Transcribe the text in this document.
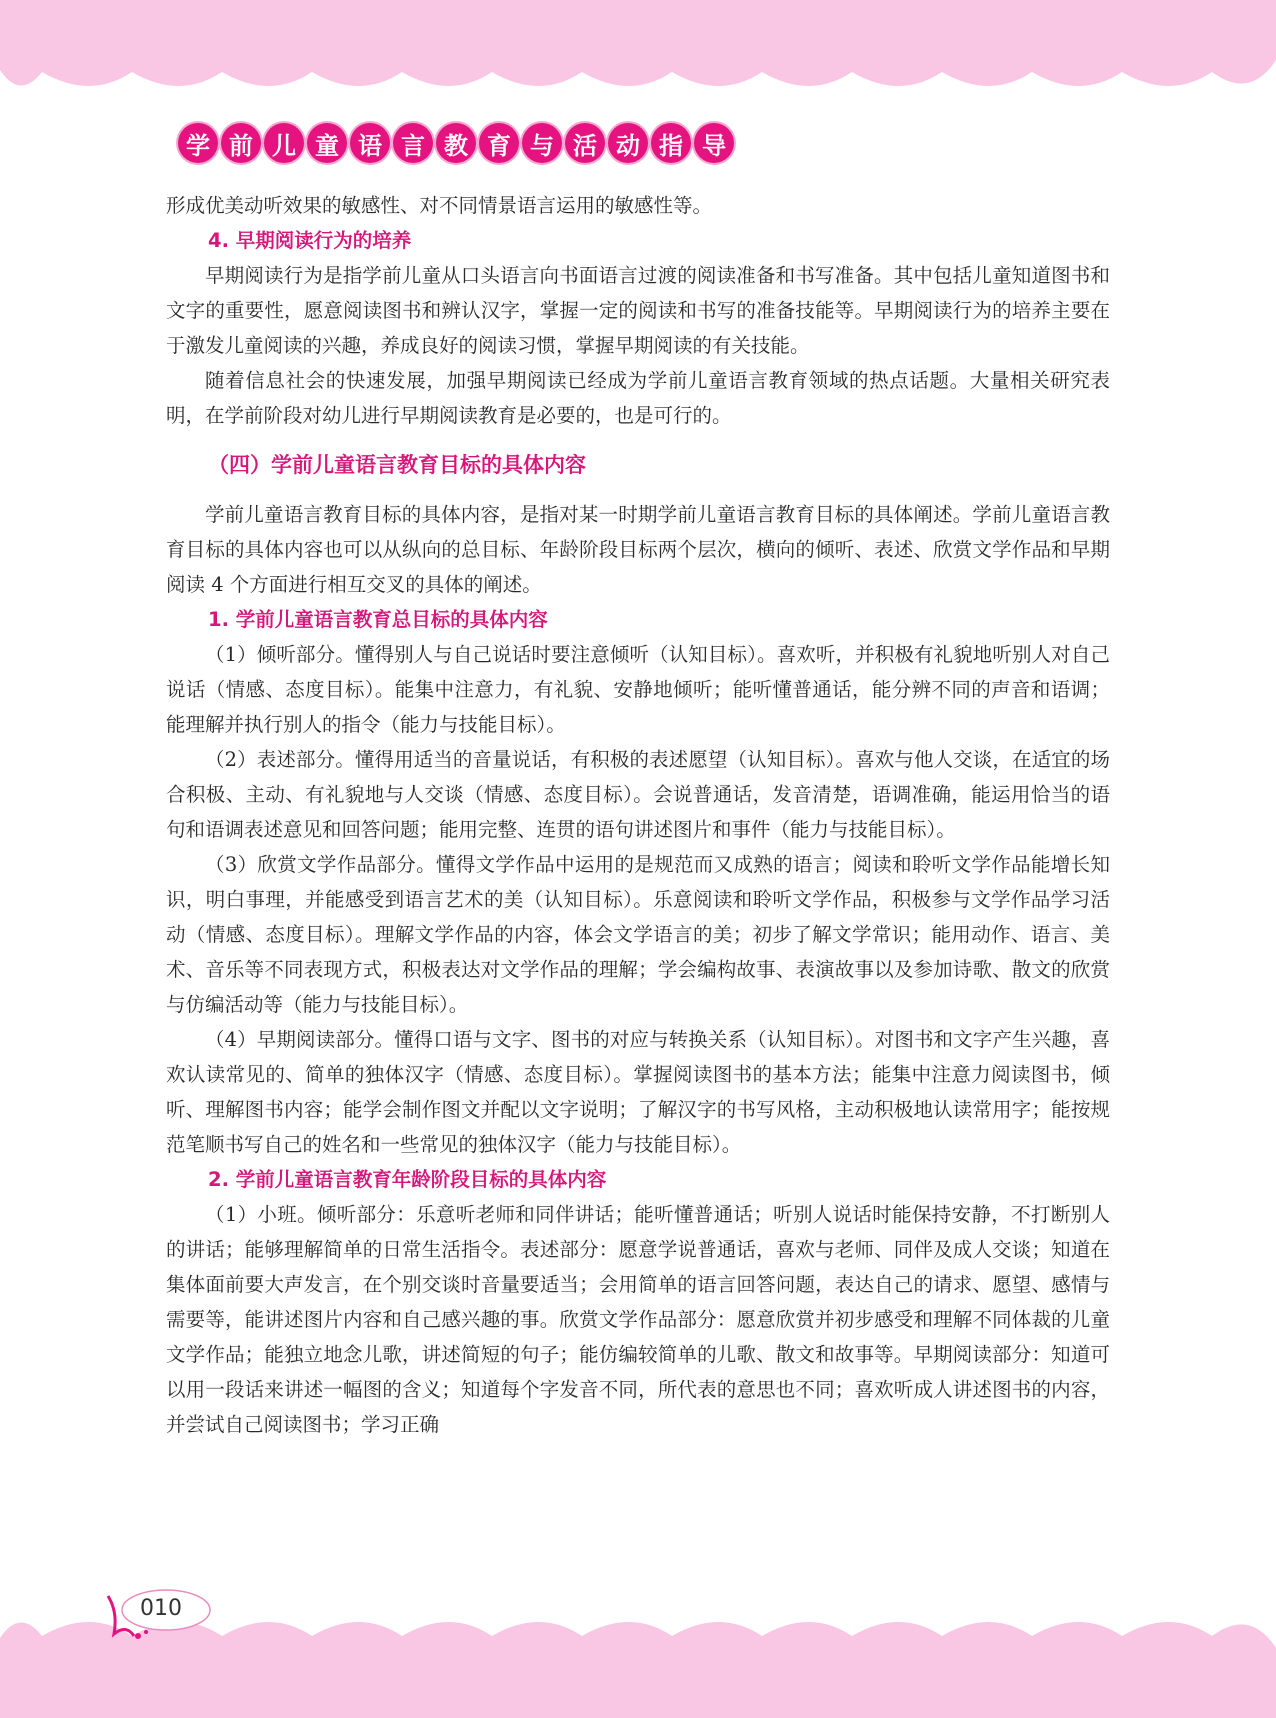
学 前 儿 童 语 言 教 育 与 活 动 指 导

形成优美动听效果的敏感性、对不同情景语言运用的敏感性等。

4. 早期阅读行为的培养

早期阅读行为是指学前儿童从口头语言向书面语言过渡的阅读准备和书写准备。其中包括儿童知道图书和文字的重要性，愿意阅读图书和辨认汉字，掌握一定的阅读和书写的准备技能等。早期阅读行为的培养主要在于激发儿童阅读的兴趣，养成良好的阅读习惯，掌握早期阅读的有关技能。

随着信息社会的快速发展，加强早期阅读已经成为学前儿童语言教育领域的热点话题。大量相关研究表明，在学前阶段对幼儿进行早期阅读教育是必要的，也是可行的。

（四）学前儿童语言教育目标的具体内容

学前儿童语言教育目标的具体内容，是指对某一时期学前儿童语言教育目标的具体阐述。学前儿童语言教育目标的具体内容也可以从纵向的总目标、年龄阶段目标两个层次，横向的倾听、表述、欣赏文学作品和早期阅读 4 个方面进行相互交叉的具体的阐述。

1. 学前儿童语言教育总目标的具体内容

（1）倾听部分。懂得别人与自己说话时要注意倾听（认知目标）。喜欢听，并积极有礼貌地听别人对自己说话（情感、态度目标）。能集中注意力，有礼貌、安静地倾听；能听懂普通话，能分辨不同的声音和语调；能理解并执行别人的指令（能力与技能目标）。

（2）表述部分。懂得用适当的音量说话，有积极的表述愿望（认知目标）。喜欢与他人交谈，在适宜的场合积极、主动、有礼貌地与人交谈（情感、态度目标）。会说普通话，发音清楚，语调准确，能运用恰当的语句和语调表述意见和回答问题；能用完整、连贯的语句讲述图片和事件（能力与技能目标）。

（3）欣赏文学作品部分。懂得文学作品中运用的是规范而又成熟的语言；阅读和聆听文学作品能增长知识，明白事理，并能感受到语言艺术的美（认知目标）。乐意阅读和聆听文学作品，积极参与文学作品学习活动（情感、态度目标）。理解文学作品的内容，体会文学语言的美；初步了解文学常识；能用动作、语言、美术、音乐等不同表现方式，积极表达对文学作品的理解；学会编构故事、表演故事以及参加诗歌、散文的欣赏与仿编活动等（能力与技能目标）。

（4）早期阅读部分。懂得口语与文字、图书的对应与转换关系（认知目标）。对图书和文字产生兴趣，喜欢认读常见的、简单的独体汉字（情感、态度目标）。掌握阅读图书的基本方法；能集中注意力阅读图书，倾听、理解图书内容；能学会制作图文并配以文字说明；了解汉字的书写风格，主动积极地认读常用字；能按规范笔顺书写自己的姓名和一些常见的独体汉字（能力与技能目标）。

2. 学前儿童语言教育年龄阶段目标的具体内容

（1）小班。倾听部分：乐意听老师和同伴讲话；能听懂普通话；听别人说话时能保持安静，不打断别人的讲话；能够理解简单的日常生活指令。表述部分：愿意学说普通话，喜欢与老师、同伴及成人交谈；知道在集体面前要大声发言，在个别交谈时音量要适当；会用简单的语言回答问题，表达自己的请求、愿望、感情与需要等，能讲述图片内容和自己感兴趣的事。欣赏文学作品部分：愿意欣赏并初步感受和理解不同体裁的儿童文学作品；能独立地念儿歌，讲述简短的句子；能仿编较简单的儿歌、散文和故事等。早期阅读部分：知道可以用一段话来讲述一幅图的含义；知道每个字发音不同，所代表的意思也不同；喜欢听成人讲述图书的内容，并尝试自己阅读图书；学习正确

010
